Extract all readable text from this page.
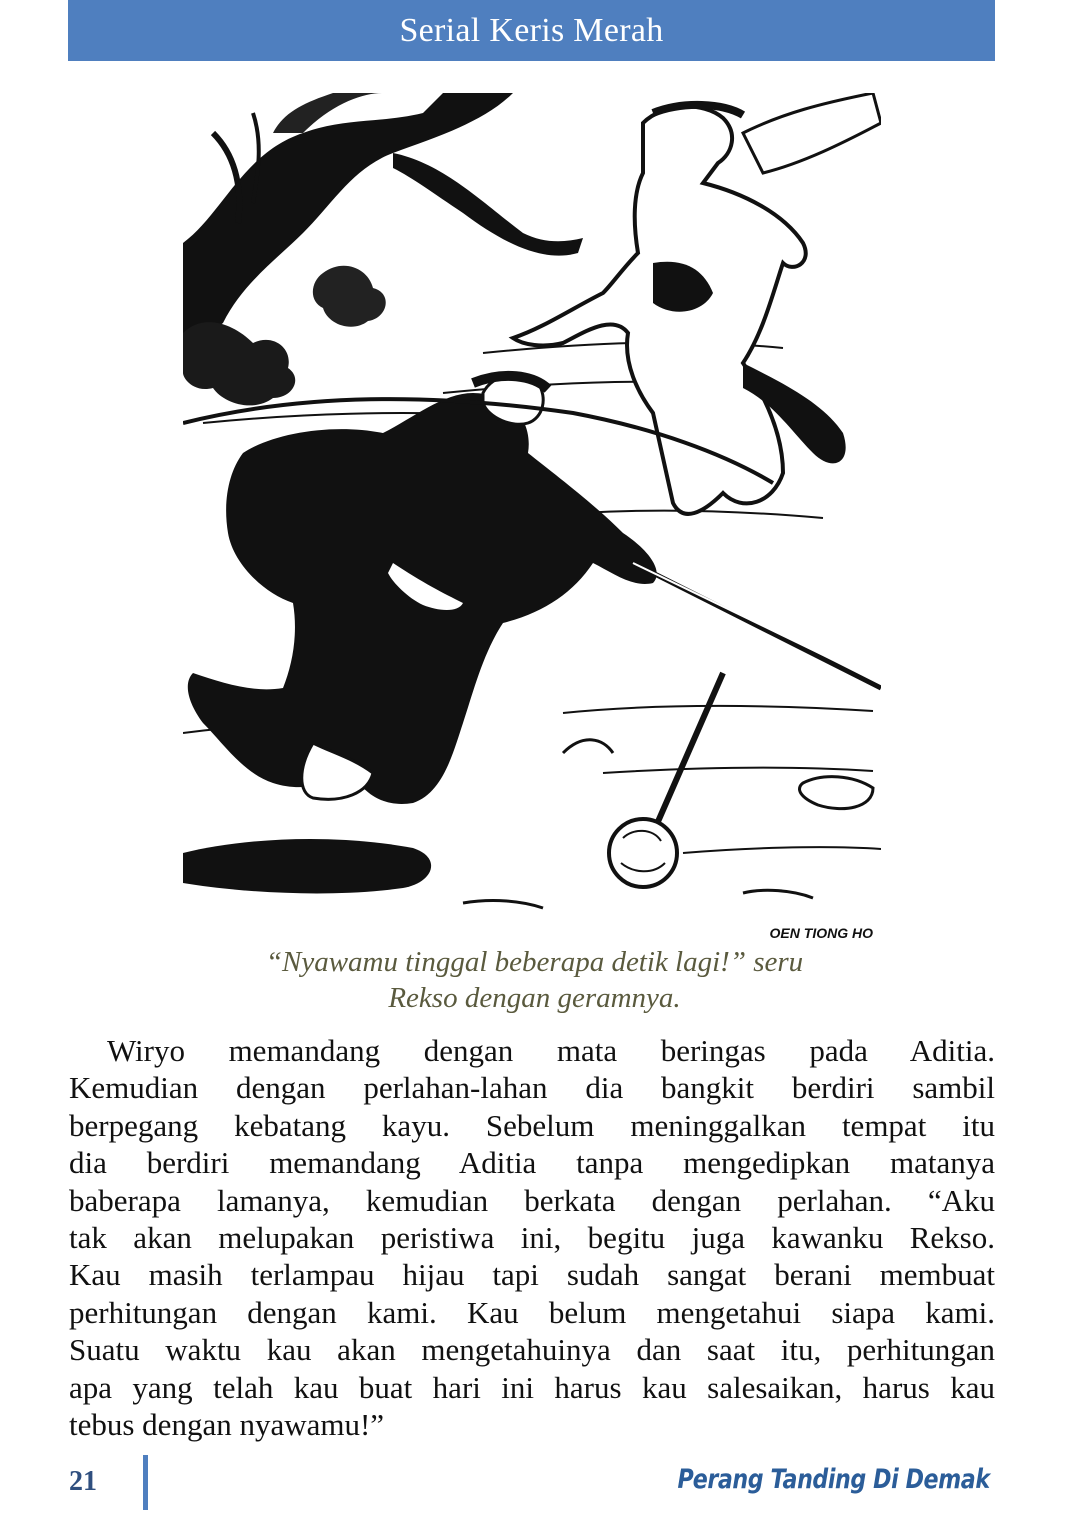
Serial Keris Merah
OEN TIONG HO
“Nyawamu tinggal beberapa detik lagi!” seru
Rekso dengan geramnya.
Wiryo memandang dengan mata beringas pada Aditia.
Kemudian dengan perlahan-lahan dia bangkit berdiri sambil
berpegang kebatang kayu. Sebelum meninggalkan tempat itu
dia berdiri memandang Aditia tanpa mengedipkan matanya
baberapa lamanya, kemudian berkata dengan perlahan. “Aku
tak akan melupakan peristiwa ini, begitu juga kawanku Rekso.
Kau masih terlampau hijau tapi sudah sangat berani membuat
perhitungan dengan kami. Kau belum mengetahui siapa kami.
Suatu waktu kau akan mengetahuinya dan saat itu, perhitungan
apa yang telah kau buat hari ini harus kau salesaikan, harus kau
tebus dengan nyawamu!”
21	Perang Tanding Di Demak
